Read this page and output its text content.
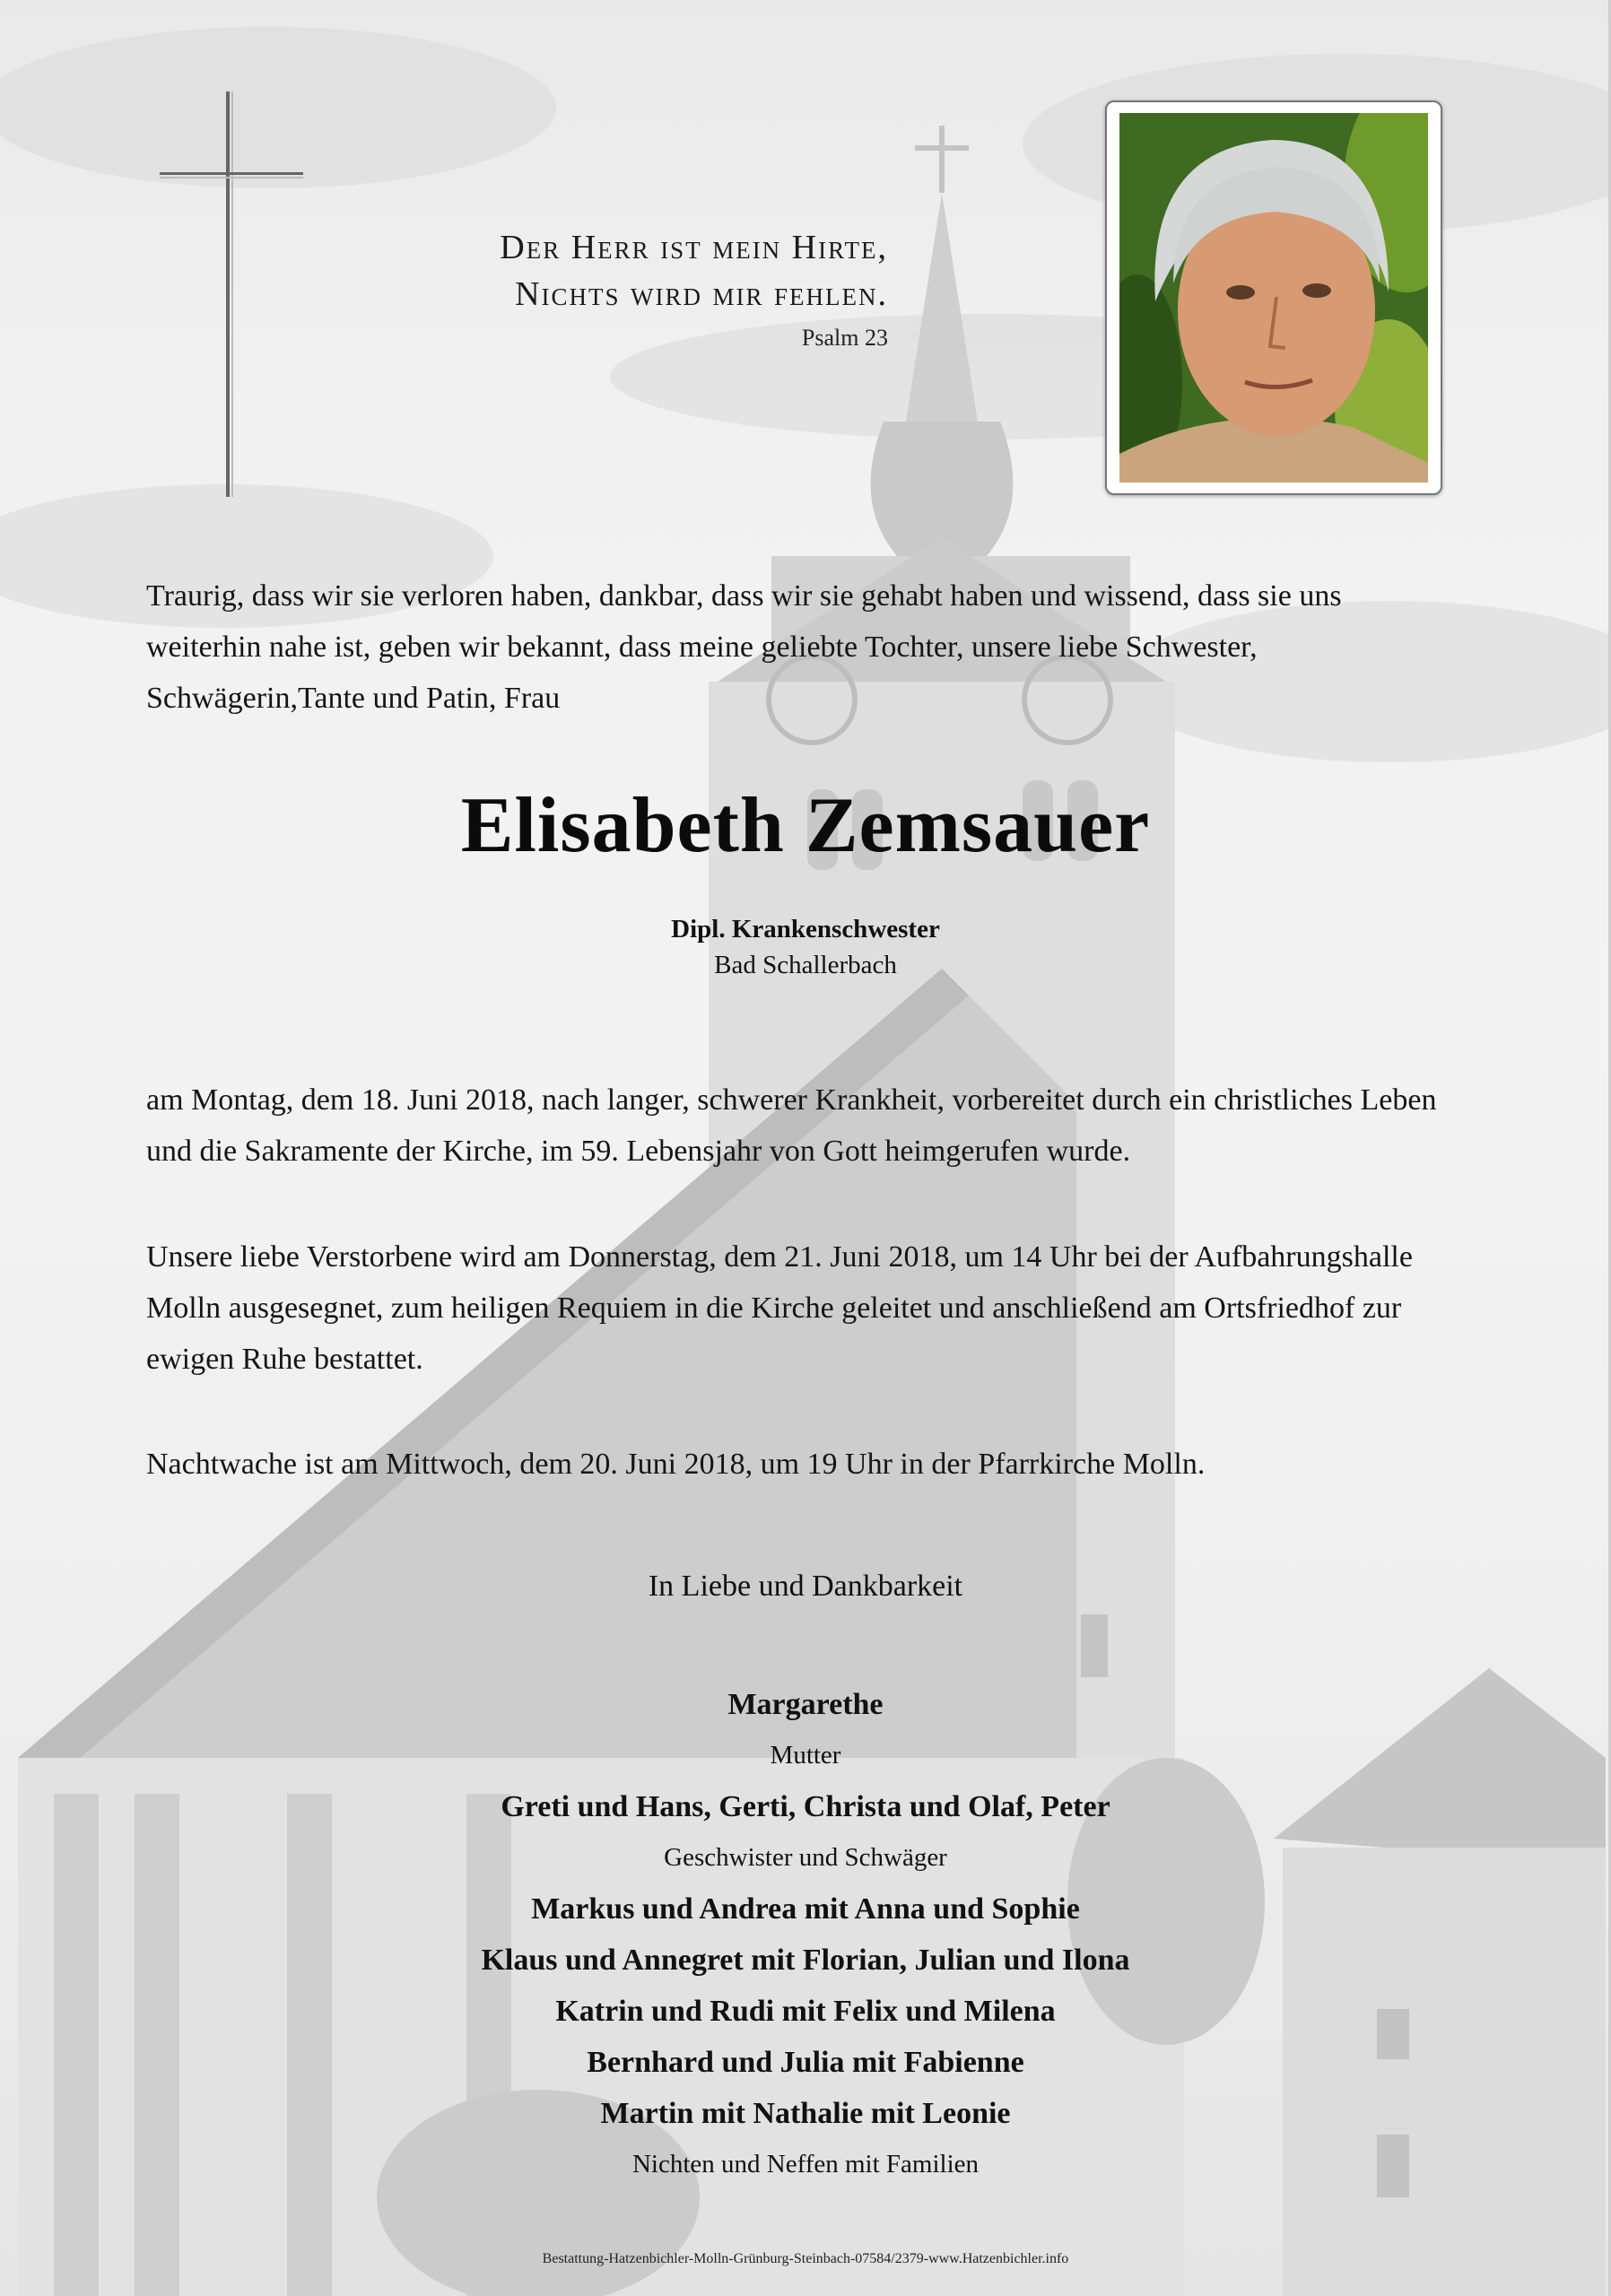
Der Herr ist mein Hirte,
Nichts wird mir fehlen.
Psalm 23
Traurig, dass wir sie verloren haben, dankbar, dass wir sie gehabt haben und wissend, dass sie uns weiterhin nahe ist, geben wir bekannt, dass meine geliebte Tochter, unsere liebe Schwester, Schwägerin,Tante und Patin, Frau
Elisabeth Zemsauer
Dipl. Krankenschwester
Bad Schallerbach
am Montag, dem 18. Juni 2018, nach langer, schwerer Krankheit, vorbereitet durch ein christliches Leben und die Sakramente der Kirche, im 59. Lebensjahr von Gott heimgerufen wurde.
Unsere liebe Verstorbene wird am Donnerstag, dem 21. Juni 2018, um 14 Uhr bei der Aufbahrungshalle Molln ausgesegnet, zum heiligen Requiem in die Kirche geleitet und anschließend am Ortsfriedhof zur ewigen Ruhe bestattet.
Nachtwache ist am Mittwoch, dem 20. Juni 2018, um 19 Uhr in der Pfarrkirche Molln.
In Liebe und Dankbarkeit
Margarethe
Mutter
Greti und Hans, Gerti, Christa und Olaf, Peter
Geschwister und Schwäger
Markus und Andrea mit Anna und Sophie
Klaus und Annegret mit Florian, Julian und Ilona
Katrin und Rudi mit Felix und Milena
Bernhard und Julia mit Fabienne
Martin mit Nathalie mit Leonie
Nichten und Neffen mit Familien
Bestattung-Hatzenbichler-Molln-Grünburg-Steinbach-07584/2379-www.Hatzenbichler.info
